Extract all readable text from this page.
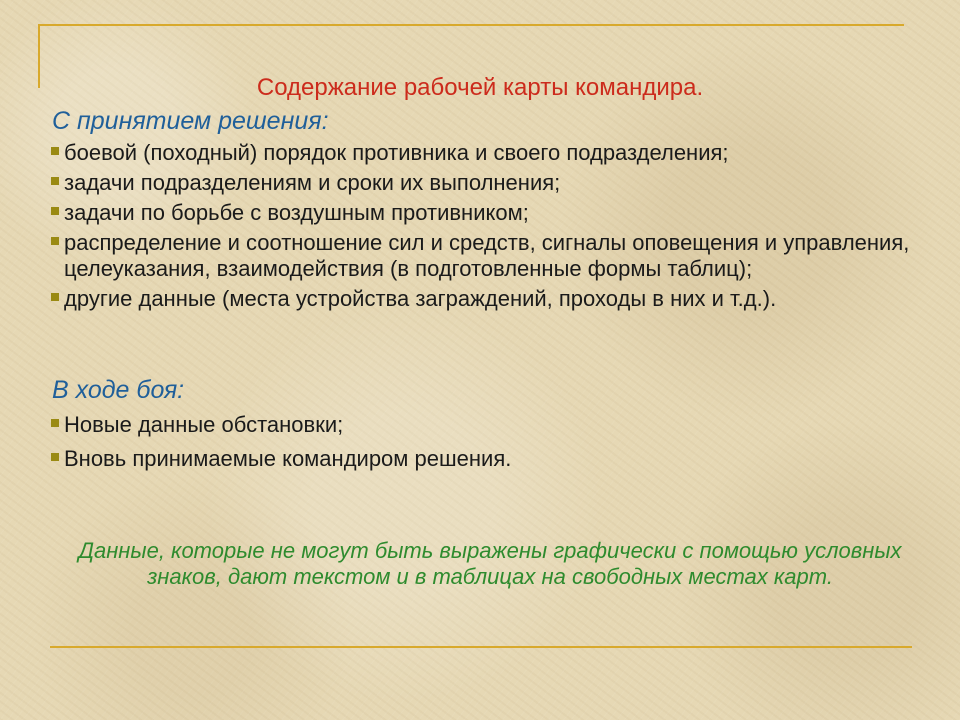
Содержание рабочей карты командира.
С принятием решения:
боевой (походный) порядок противника и своего подразделения;
задачи подразделениям и сроки их выполнения;
задачи по борьбе с воздушным противником;
распределение и соотношение сил и средств, сигналы оповещения и управления, целеуказания, взаимодействия (в подготовленные формы таблиц);
другие данные (места устройства заграждений, проходы в них и т.д.).
В ходе боя:
Новые данные обстановки;
Вновь принимаемые командиром решения.

Данные, которые не могут быть выражены графически с помощью условных знаков, дают текстом и в таблицах на свободных местах карт.
